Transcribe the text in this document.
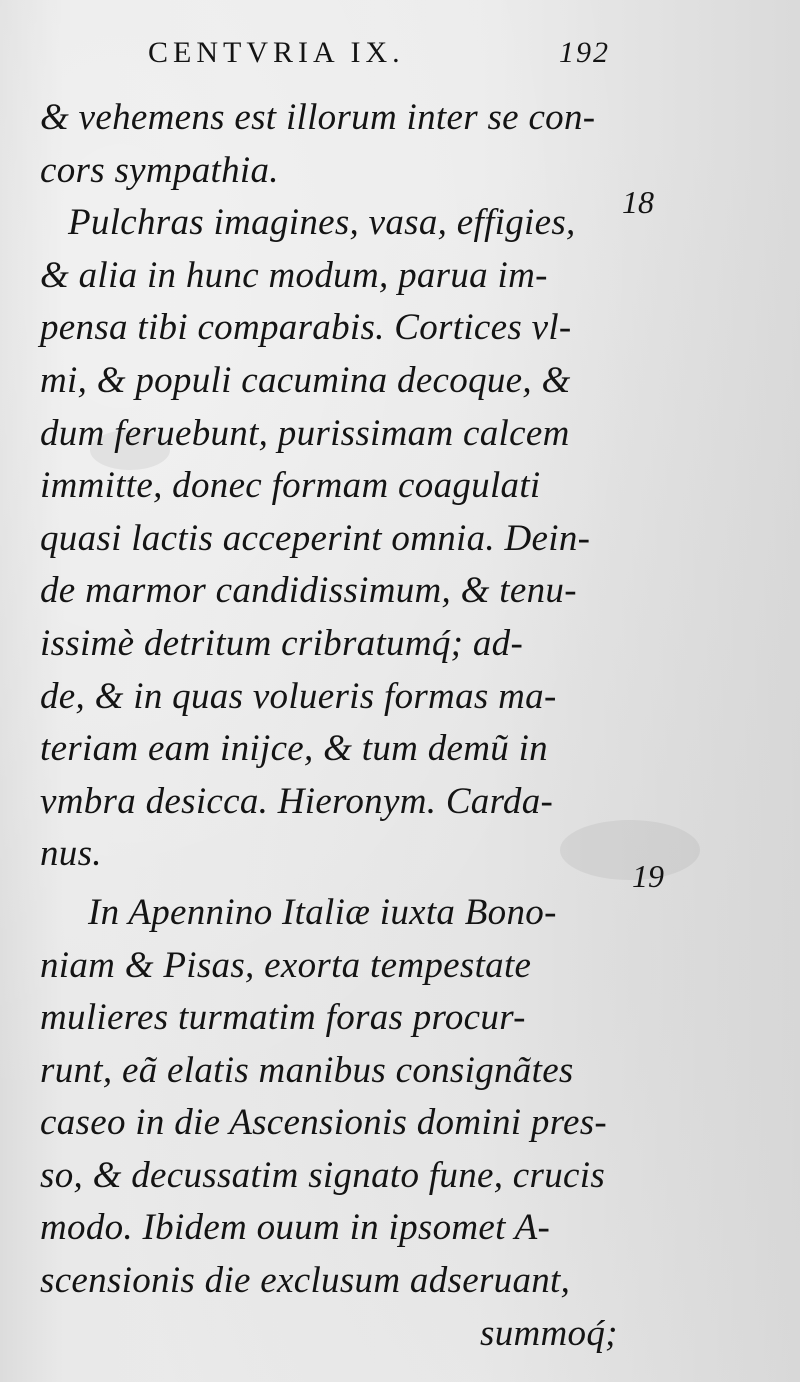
CENTVRIA IX.	192
18
19
& vehemens est illorum inter se con-
cors sympathia.
Pulchras imagines, vasa, effigies,
& alia in hunc modum, parua im-
pensa tibi comparabis. Cortices vl-
mi, & populi cacumina decoque, &
dum feruebunt, purissimam calcem
immitte, donec formam coagulati
quasi lactis acceperint omnia. Dein-
de marmor candidissimum, & tenu-
issimè detritum cribratumq́; ad-
de, & in quas volueris formas ma-
teriam eam inijce, & tum demũ in
vmbra desicca. Hieronym. Carda-
nus.
In Apennino Italiæ iuxta Bono-
niam & Pisas, exorta tempestate
mulieres turmatim foras procur-
runt, eã elatis manibus consignãtes
caseo in die Ascensionis domini pres-
so, & decussatim signato fune, crucis
modo. Ibidem ouum in ipsomet A-
scensionis die exclusum adseruant,
summoq́;
